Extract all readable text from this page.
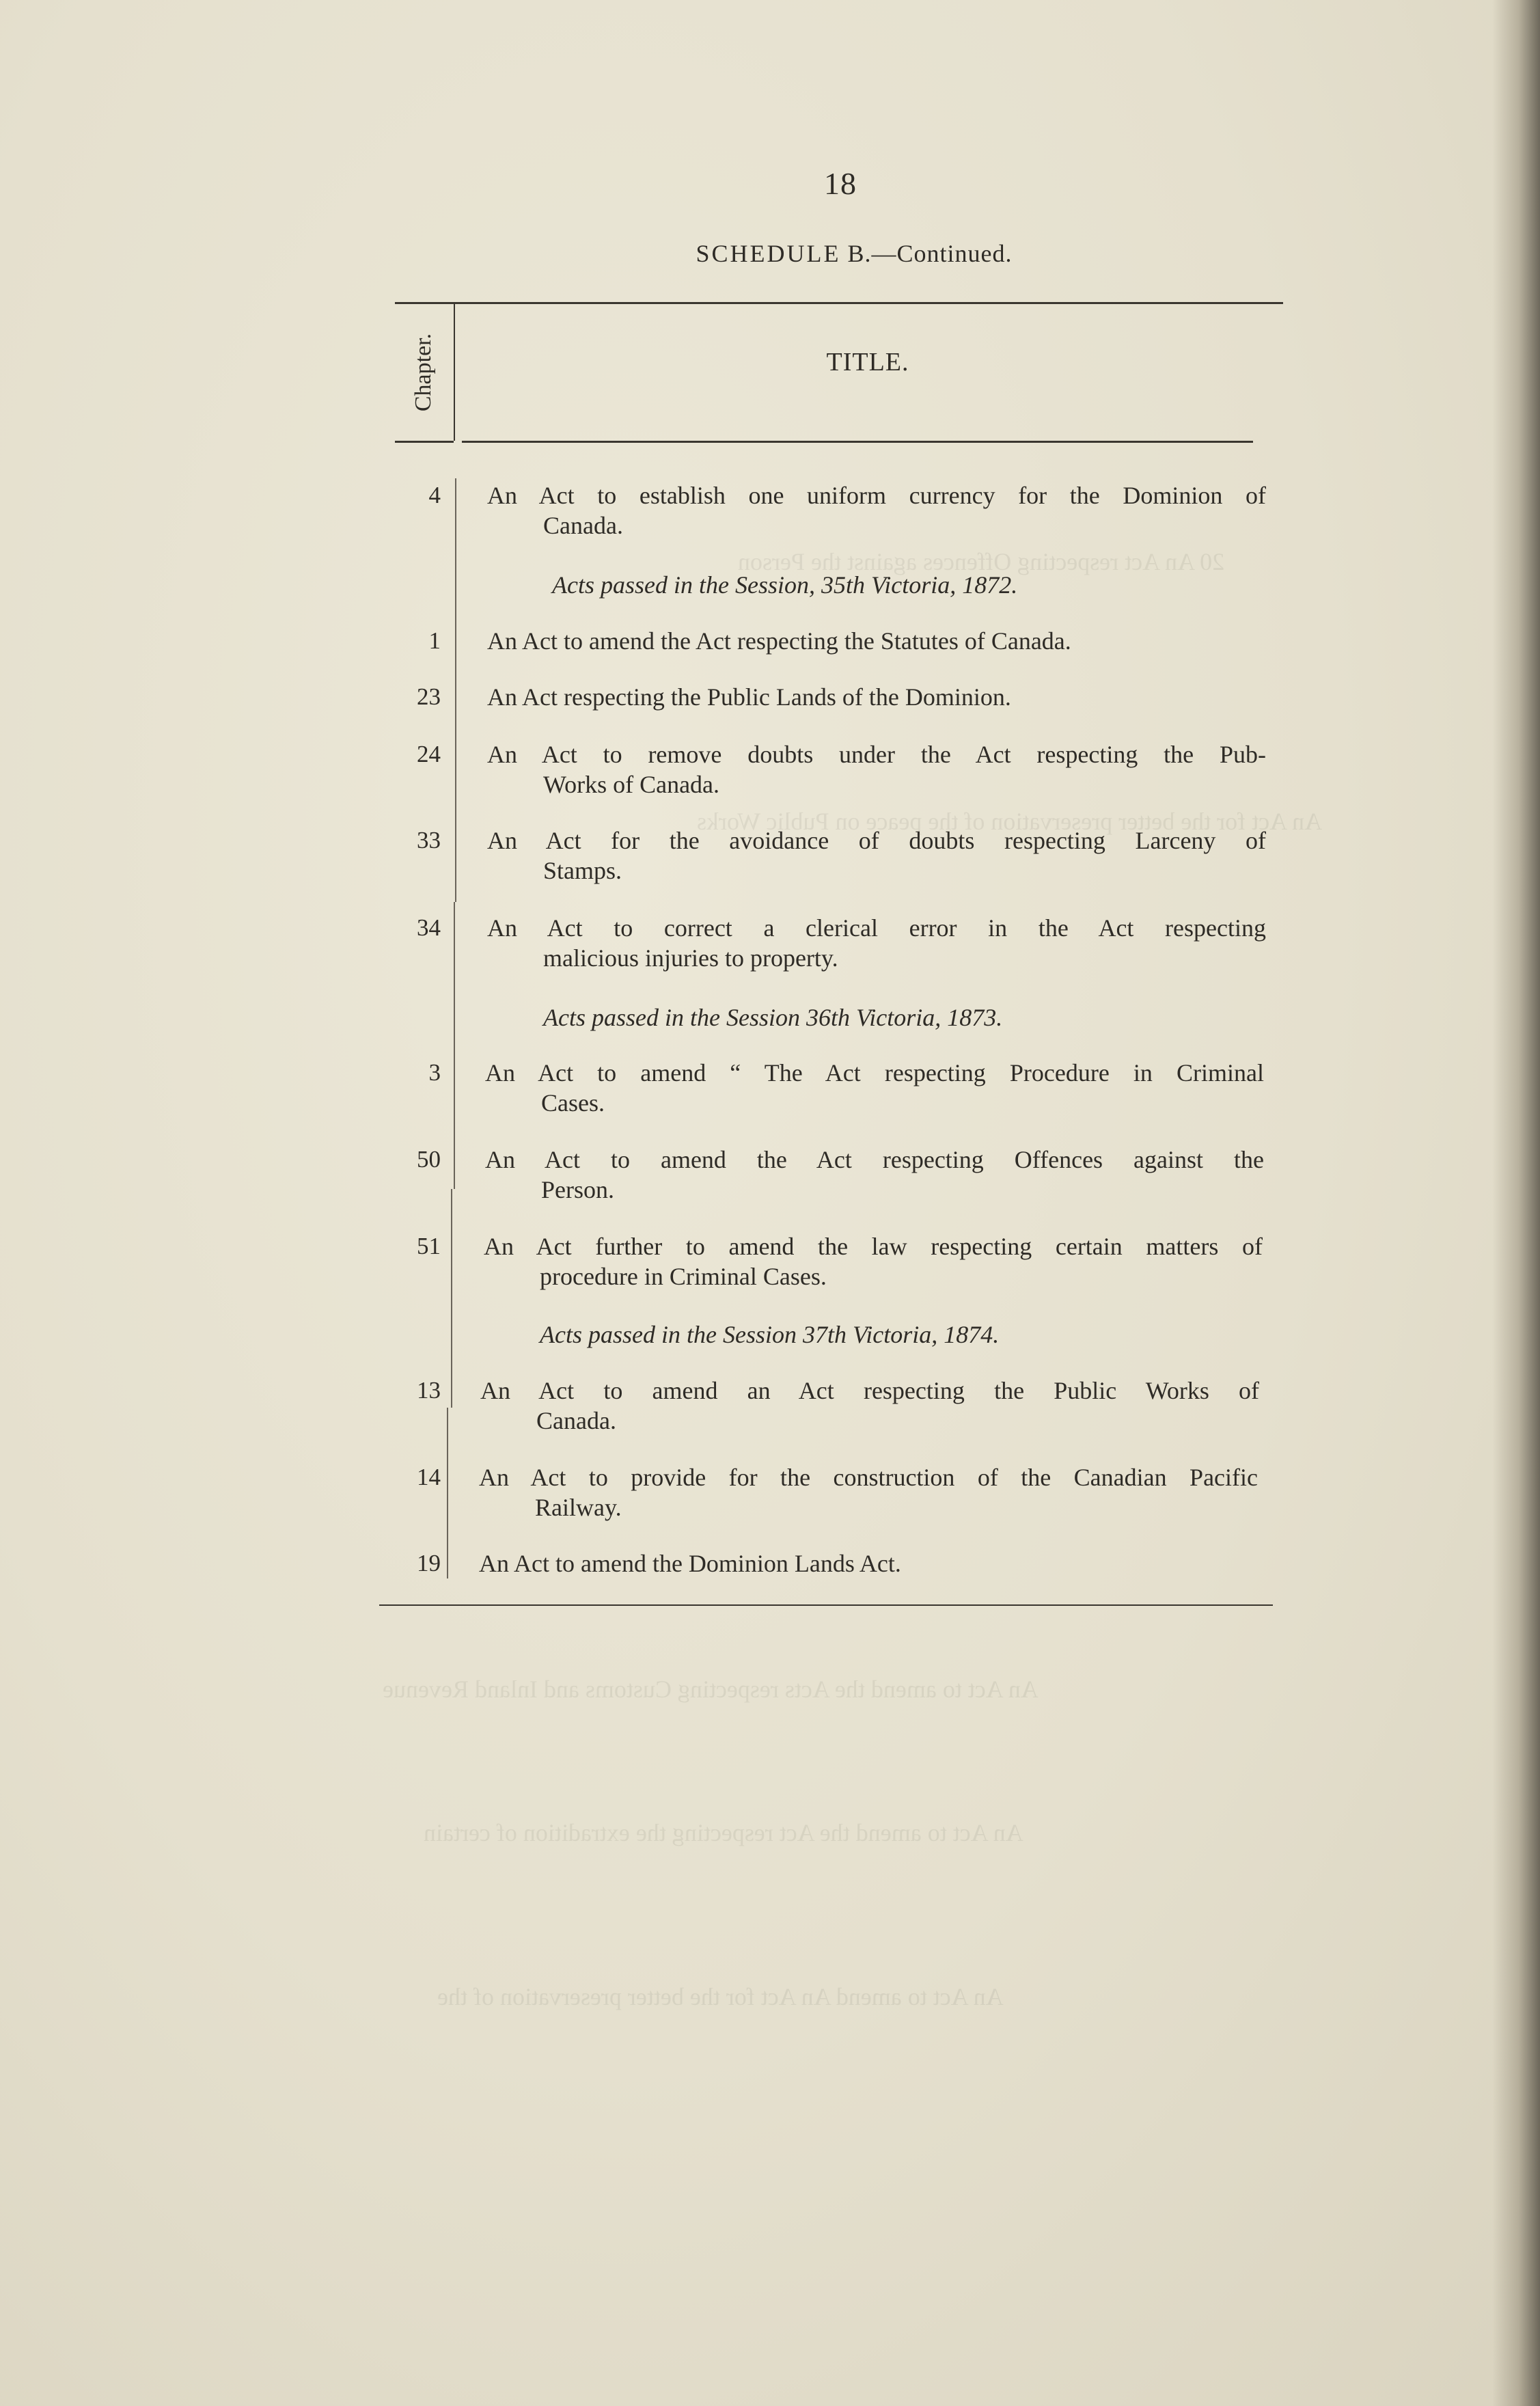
20 An Act respecting Offences against the Person
An Act for the better preservation of the peace on Public Works
An Act to amend the Acts respecting Customs and Inland Revenue
An Act to amend the Act respecting the extradition of certain
An Act to amend An Act for the better preservation of the
18
SCHEDULE B.—Continued.
Chapter.	TITLE.
4 An Act to establish one uniform currency for the Dominion of
Canada.
Acts passed in the Session, 35th Victoria, 1872.
1 An Act to amend the Act respecting the Statutes of Canada.
23 An Act respecting the Public Lands of the Dominion.
24 An Act to remove doubts under the Act respecting the Pub-
Works of Canada.
33 An Act for the avoidance of doubts respecting Larceny of
Stamps.
34 An Act to correct a clerical error in the Act respecting
malicious injuries to property.
Acts passed in the Session 36th Victoria, 1873.
3 An Act to amend “ The Act respecting Procedure in Criminal
Cases.
50 An Act to amend the Act respecting Offences against the
Person.
51 An Act further to amend the law respecting certain matters of
procedure in Criminal Cases.
Acts passed in the Session 37th Victoria, 1874.
13 An Act to amend an Act respecting the Public Works of
Canada.
14 An Act to provide for the construction of the Canadian Pacific
Railway.
19 An Act to amend the Dominion Lands Act.
